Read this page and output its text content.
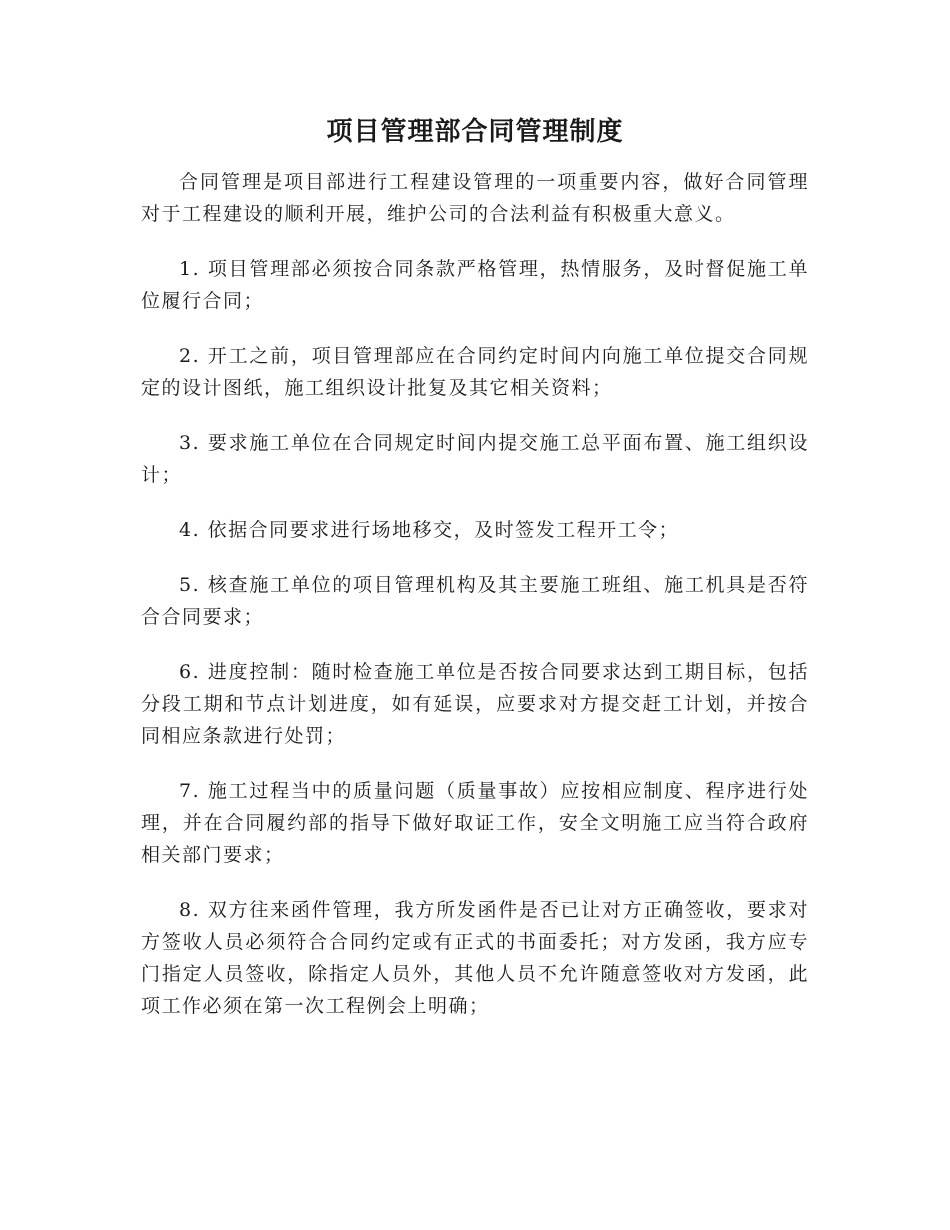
项目管理部合同管理制度

合同管理是项目部进行工程建设管理的一项重要内容，做好合同管理对于工程建设的顺利开展，维护公司的合法利益有积极重大意义。

1. 项目管理部必须按合同条款严格管理，热情服务，及时督促施工单位履行合同；

2. 开工之前，项目管理部应在合同约定时间内向施工单位提交合同规定的设计图纸，施工组织设计批复及其它相关资料；

3. 要求施工单位在合同规定时间内提交施工总平面布置、施工组织设计；

4. 依据合同要求进行场地移交，及时签发工程开工令；

5. 核查施工单位的项目管理机构及其主要施工班组、施工机具是否符合合同要求；

6. 进度控制：随时检查施工单位是否按合同要求达到工期目标，包括分段工期和节点计划进度，如有延误，应要求对方提交赶工计划，并按合同相应条款进行处罚；

7. 施工过程当中的质量问题（质量事故）应按相应制度、程序进行处理，并在合同履约部的指导下做好取证工作，安全文明施工应当符合政府相关部门要求；

8. 双方往来函件管理，我方所发函件是否已让对方正确签收，要求对方签收人员必须符合合同约定或有正式的书面委托；对方发函，我方应专门指定人员签收，除指定人员外，其他人员不允许随意签收对方发函，此项工作必须在第一次工程例会上明确；
